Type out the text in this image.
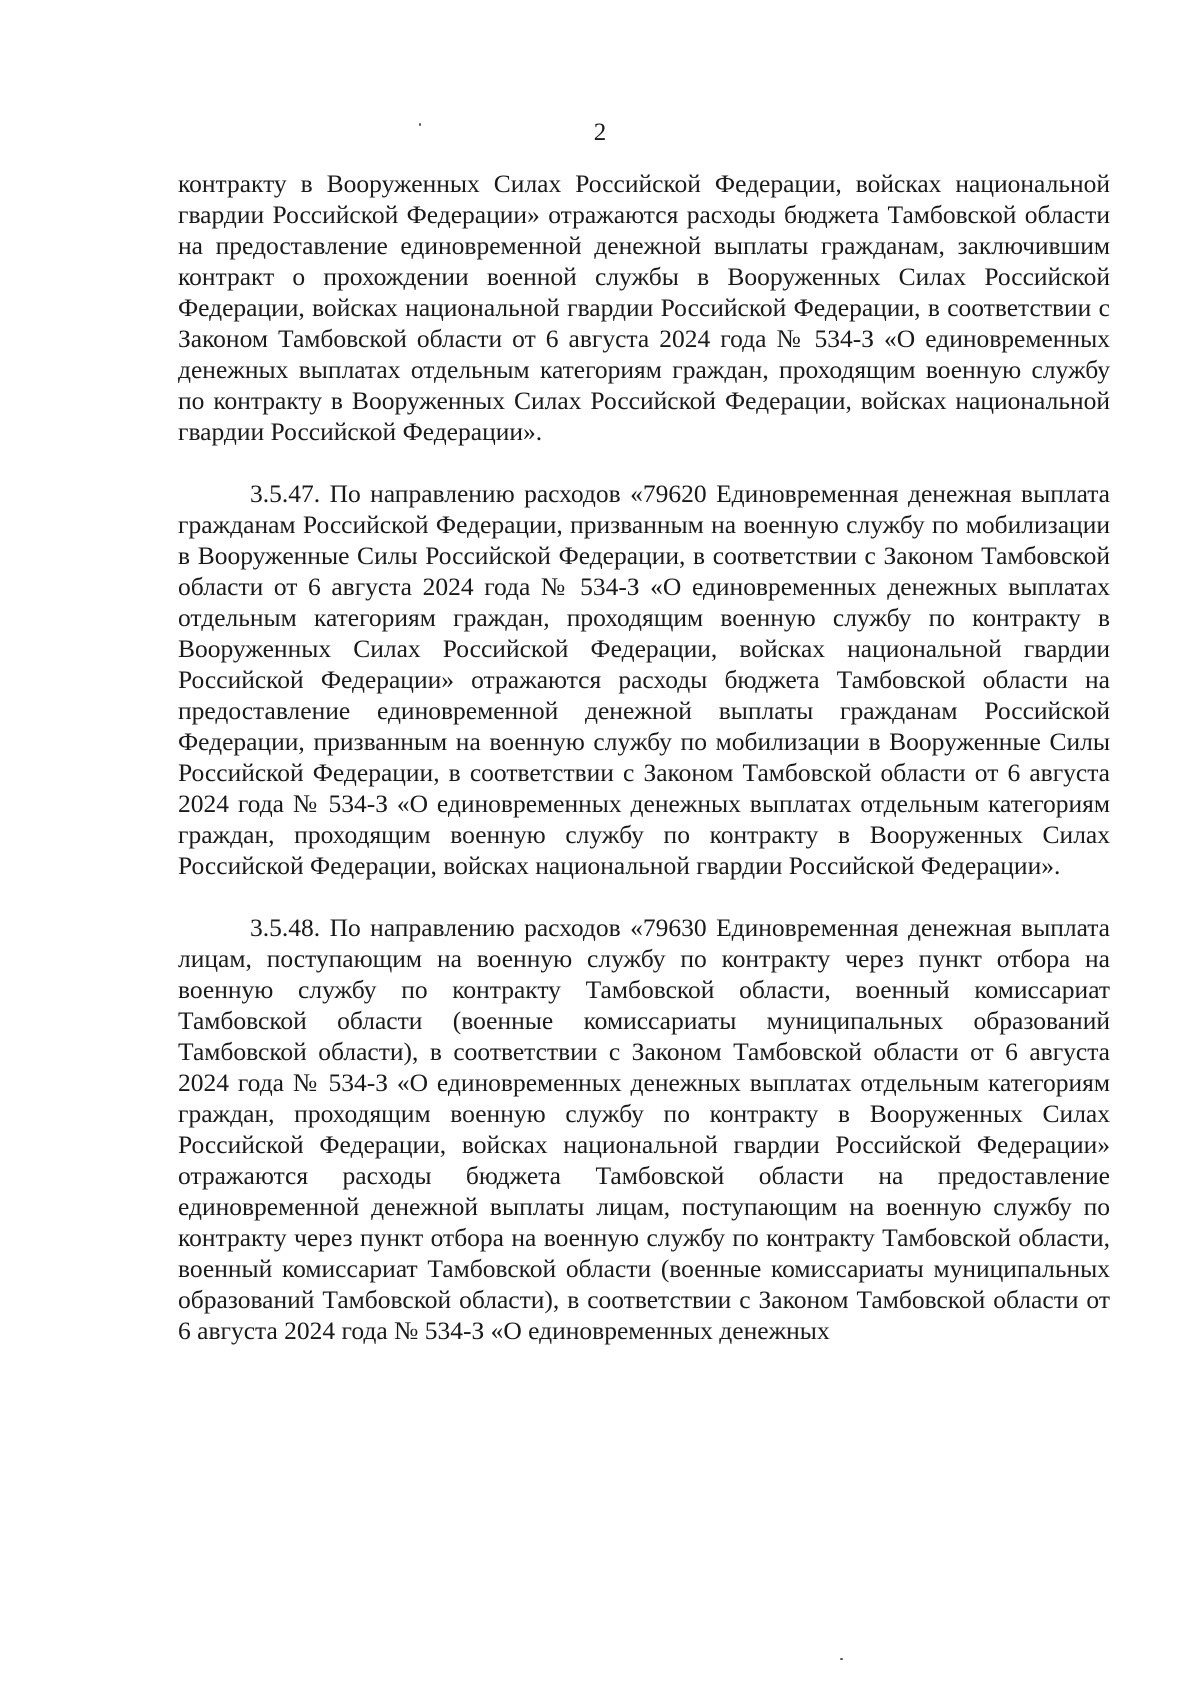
2

контракту в Вооруженных Силах Российской Федерации, войсках национальной гвардии Российской Федерации» отражаются расходы бюджета Тамбовской области на предоставление единовременной денежной выплаты гражданам, заключившим контракт о прохождении военной службы в Вооруженных Силах Российской Федерации, войсках национальной гвардии Российской Федерации, в соответствии с Законом Тамбовской области от 6 августа 2024 года № 534-З «О единовременных денежных выплатах отдельным категориям граждан, проходящим военную службу по контракту в Вооруженных Силах Российской Федерации, войсках национальной гвардии Российской Федерации».

3.5.47. По направлению расходов «79620 Единовременная денежная выплата гражданам Российской Федерации, призванным на военную службу по мобилизации в Вооруженные Силы Российской Федерации, в соответствии с Законом Тамбовской области от 6 августа 2024 года № 534-З «О единовременных денежных выплатах отдельным категориям граждан, проходящим военную службу по контракту в Вооруженных Силах Российской Федерации, войсках национальной гвардии Российской Федерации» отражаются расходы бюджета Тамбовской области на предоставление единовременной денежной выплаты гражданам Российской Федерации, призванным на военную службу по мобилизации в Вооруженные Силы Российской Федерации, в соответствии с Законом Тамбовской области от 6 августа 2024 года № 534-З «О единовременных денежных выплатах отдельным категориям граждан, проходящим военную службу по контракту в Вооруженных Силах Российской Федерации, войсках национальной гвардии Российской Федерации».

3.5.48. По направлению расходов «79630 Единовременная денежная выплата лицам, поступающим на военную службу по контракту через пункт отбора на военную службу по контракту Тамбовской области, военный комиссариат Тамбовской области (военные комиссариаты муниципальных образований Тамбовской области), в соответствии с Законом Тамбовской области от 6 августа 2024 года № 534-З «О единовременных денежных выплатах отдельным категориям граждан, проходящим военную службу по контракту в Вооруженных Силах Российской Федерации, войсках национальной гвардии Российской Федерации» отражаются расходы бюджета Тамбовской области на предоставление единовременной денежной выплаты лицам, поступающим на военную службу по контракту через пункт отбора на военную службу по контракту Тамбовской области, военный комиссариат Тамбовской области (военные комиссариаты муниципальных образований Тамбовской области), в соответствии с Законом Тамбовской области от 6 августа 2024 года № 534-З «О единовременных денежных
